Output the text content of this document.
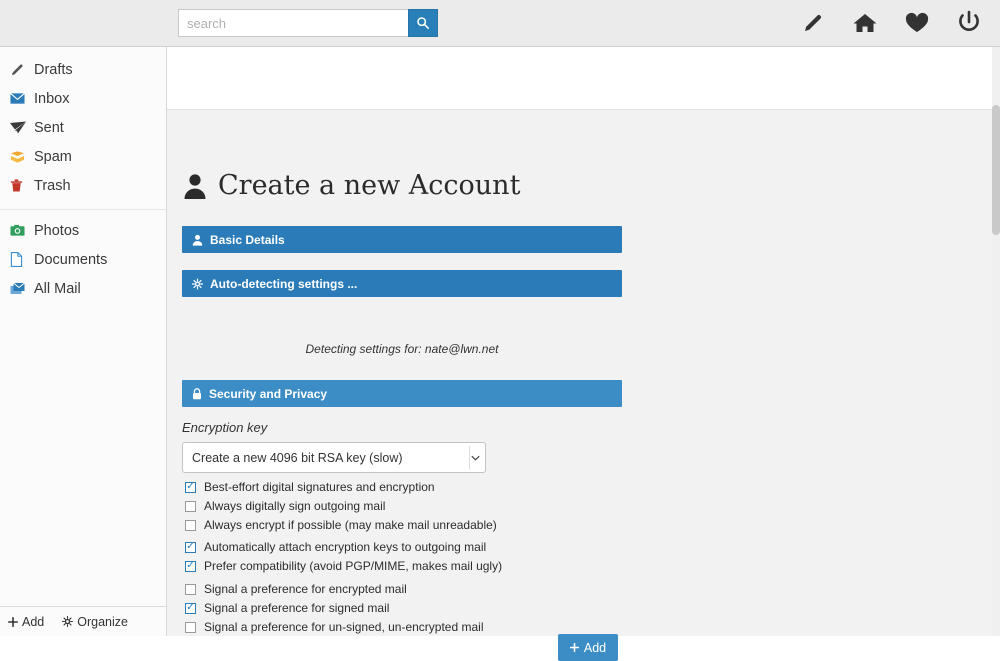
search
Drafts
Inbox
Sent
Spam
Trash
Photos
Documents
All Mail
Add	Organize
Create a new Account
Basic Details
Auto-detecting settings ...
Detecting settings for: nate@lwn.net
Security and Privacy
Encryption key
Create a new 4096 bit RSA key (slow)
✓ Best-effort digital signatures and encryption
Always digitally sign outgoing mail
Always encrypt if possible (may make mail unreadable)
✓ Automatically attach encryption keys to outgoing mail
✓ Prefer compatibility (avoid PGP/MIME, makes mail ugly)
Signal a preference for encrypted mail
✓ Signal a preference for signed mail
Signal a preference for un-signed, un-encrypted mail
Add
